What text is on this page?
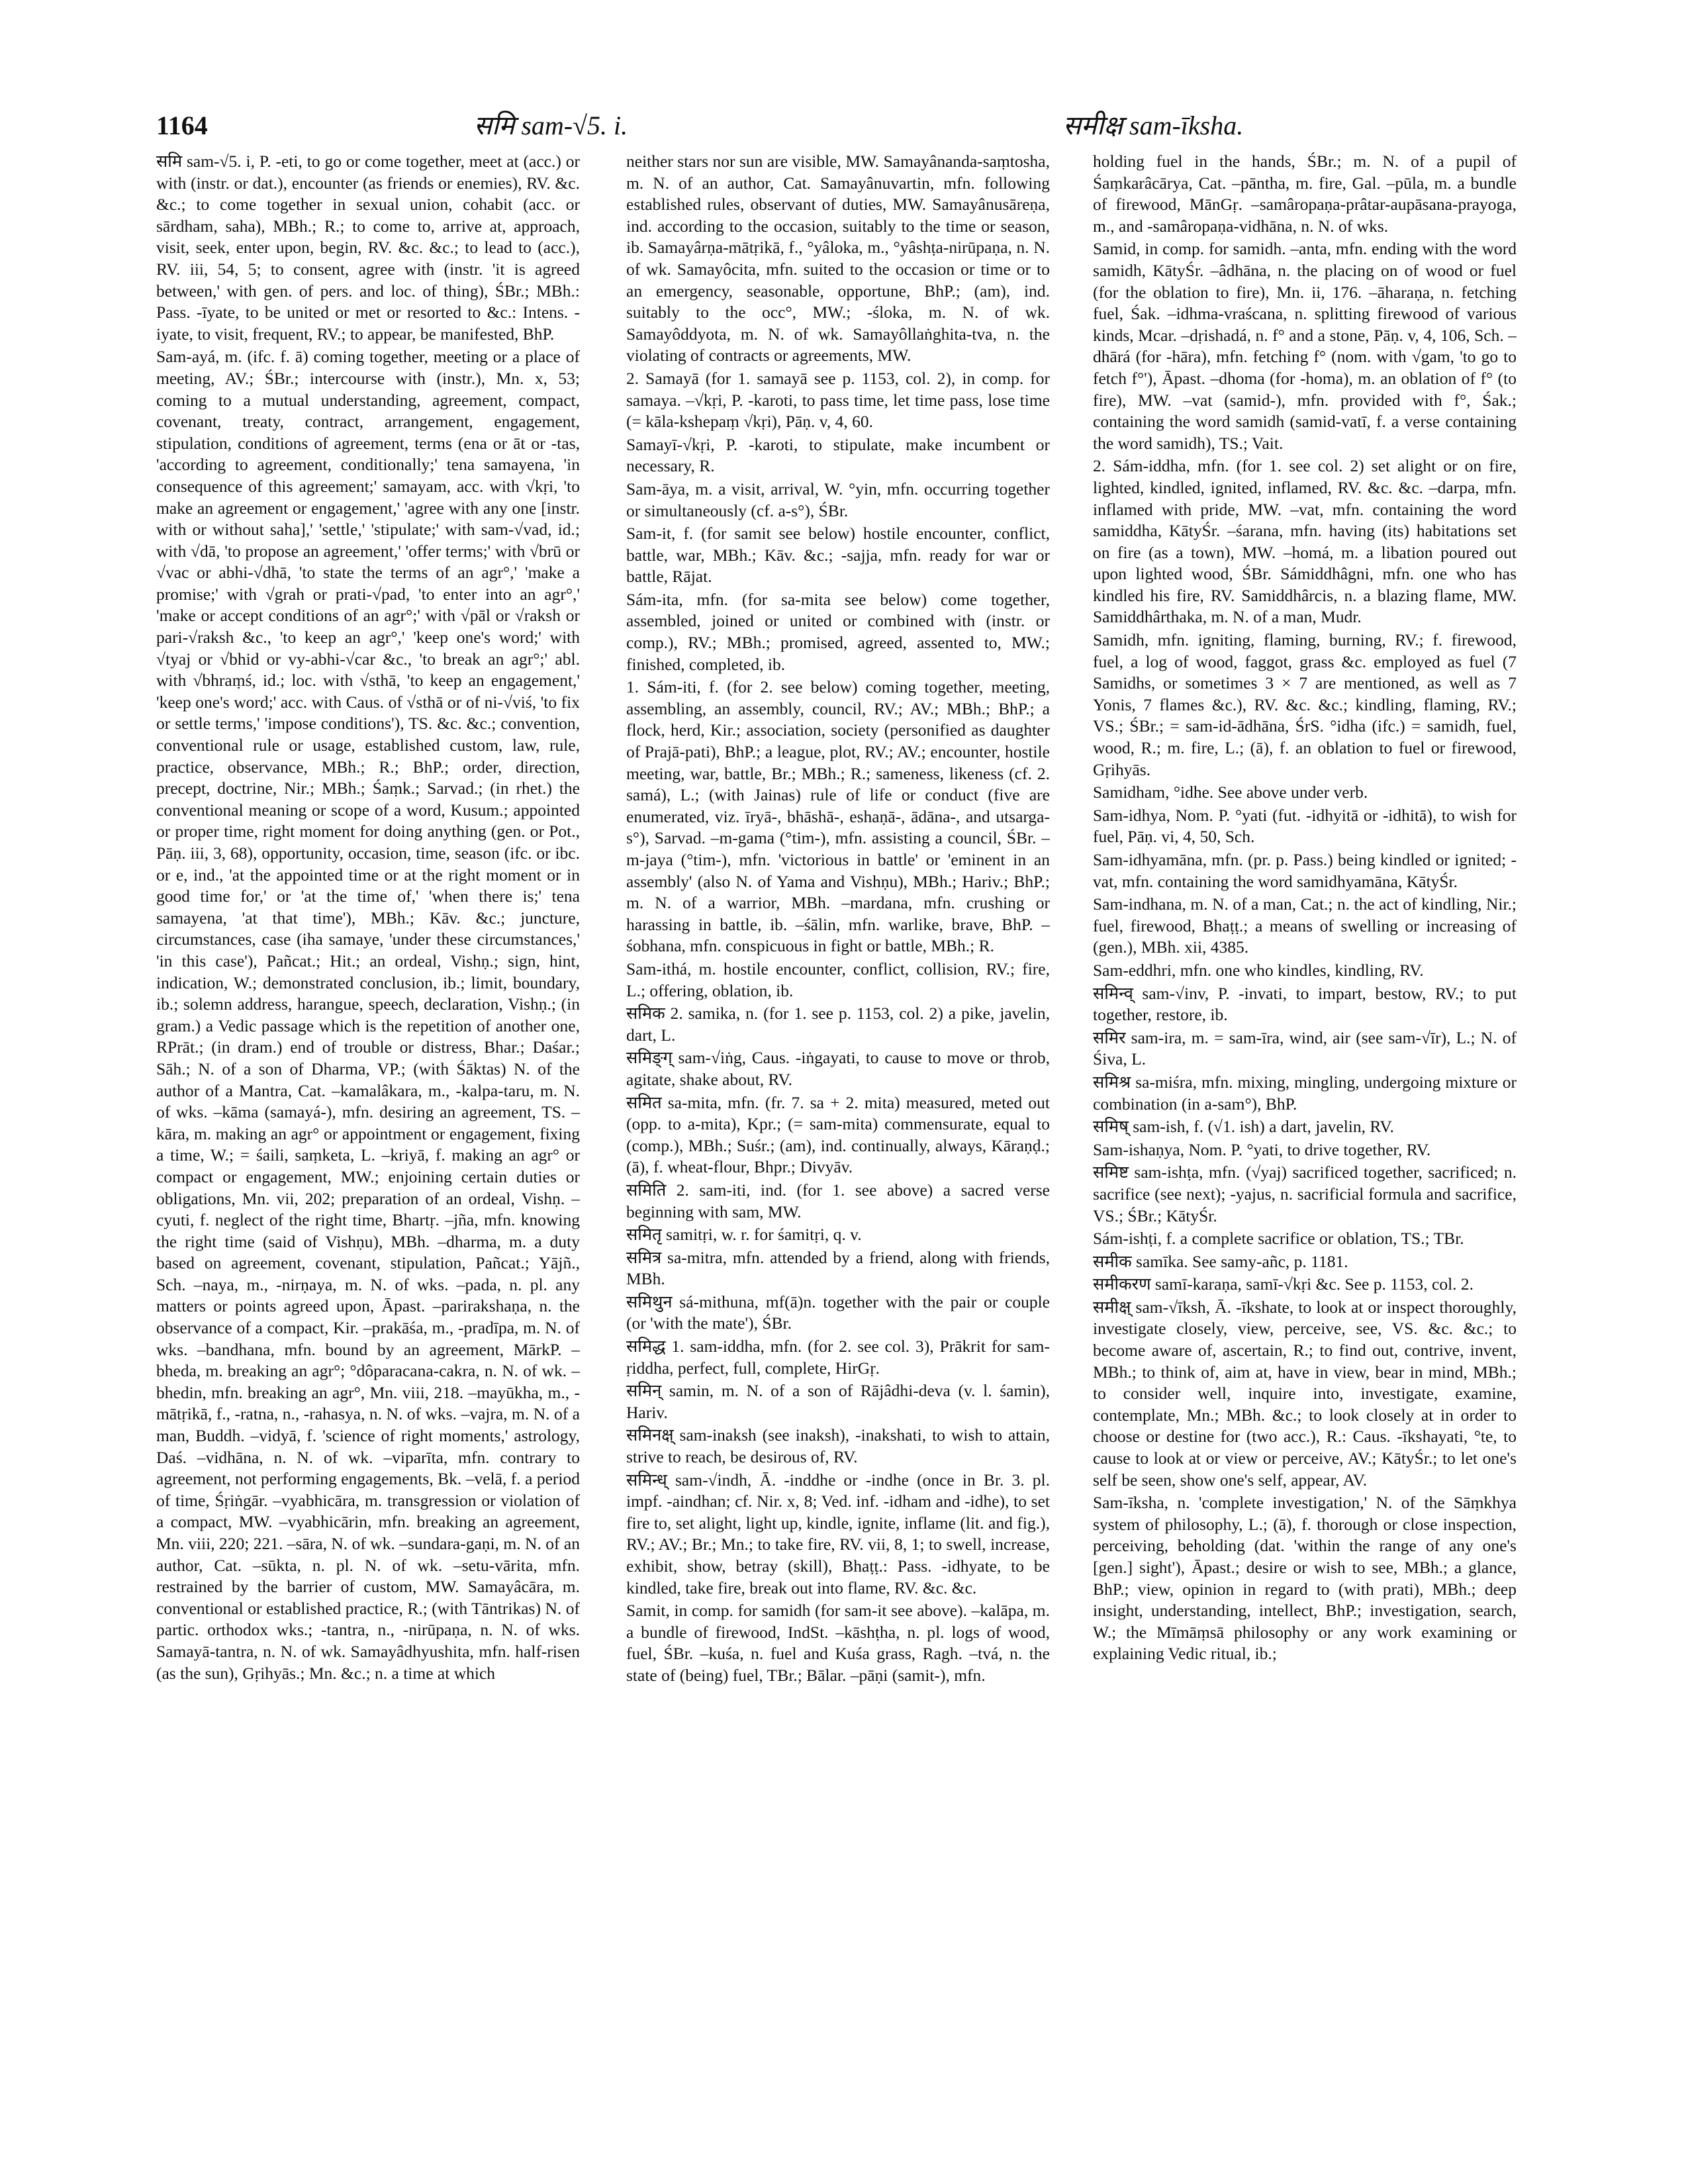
1164	समि sam-√5. i.	समीक्ष sam-īksha.

समि sam-√5. i, P. -eti, to go or come together, meet at (acc.) or with (instr. or dat.), encounter (as friends or enemies), RV. &c. &c.; to come together in sexual union, cohabit (acc. or sārdham, saha), MBh.; R.; to come to, arrive at, approach, visit, seek, enter upon, begin, RV. &c. &c.; to lead to (acc.), RV. iii, 54, 5; to consent, agree with (instr. 'it is agreed between,' with gen. of pers. and loc. of thing), ŚBr.; MBh.: Pass. -īyate, to be united or met or resorted to &c.: Intens. -iyate, to visit, frequent, RV.; to appear, be manifested, BhP.

Sam-ayá, m. (ifc. f. ā) coming together, meeting or a place of meeting, AV.; ŚBr.; intercourse with (instr.), Mn. x, 53; coming to a mutual understanding, agreement, compact, covenant, treaty, contract, arrangement, engagement, stipulation, conditions of agreement, terms (ena or āt or -tas, 'according to agreement, conditionally;' tena samayena, 'in consequence of this agreement;' samayam, acc. with √kṛi, 'to make an agreement or engagement,' 'agree with any one [instr. with or without saha],' 'settle,' 'stipulate;' with sam-√vad, id.; with √dā, 'to propose an agreement,' 'offer terms;' with √brū or √vac or abhi-√dhā, 'to state the terms of an agr°,' 'make a promise;' with √grah or prati-√pad, 'to enter into an agr°,' 'make or accept conditions of an agr°;' with √pāl or √raksh or pari-√raksh &c., 'to keep an agr°,' 'keep one's word;' with √tyaj or √bhid or vy-abhi-√car &c., 'to break an agr°;' abl. with √bhraṃś, id.; loc. with √sthā, 'to keep an engagement,' 'keep one's word;' acc. with Caus. of √sthā or of ni-√viś, 'to fix or settle terms,' 'impose conditions'), TS. &c. &c.; convention, conventional rule or usage, established custom, law, rule, practice, observance, MBh.; R.; BhP.; order, direction, precept, doctrine, Nir.; MBh.; Śaṃk.; Sarvad.; (in rhet.) the conventional meaning or scope of a word, Kusum.; appointed or proper time, right moment for doing anything (gen. or Pot., Pāṇ. iii, 3, 68), opportunity, occasion, time, season (ifc. or ibc. or e, ind., 'at the appointed time or at the right moment or in good time for,' or 'at the time of,' 'when there is;' tena samayena, 'at that time'), MBh.; Kāv. &c.; juncture, circumstances, case (iha samaye, 'under these circumstances,' 'in this case'), Pañcat.; Hit.; an ordeal, Vishṇ.; sign, hint, indication, W.; demonstrated conclusion, ib.; limit, boundary, ib.; solemn address, harangue, speech, declaration, Vishṇ.; (in gram.) a Vedic passage which is the repetition of another one, RPrāt.; (in dram.) end of trouble or distress, Bhar.; Daśar.; Sāh.; N. of a son of Dharma, VP.; (with Śāktas) N. of the author of a Mantra, Cat. –kamalâkara, m., -kalpa-taru, m. N. of wks. –kāma (samayá-), mfn. desiring an agreement, TS. –kāra, m. making an agr° or appointment or engagement, fixing a time, W.; = śaili, saṃketa, L. –kriyā, f. making an agr° or compact or engagement, MW.; enjoining certain duties or obligations, Mn. vii, 202; preparation of an ordeal, Vishṇ. –cyuti, f. neglect of the right time, Bhartṛ. –jña, mfn. knowing the right time (said of Vishṇu), MBh. –dharma, m. a duty based on agreement, covenant, stipulation, Pañcat.; Yājñ., Sch. –naya, m., -nirṇaya, m. N. of wks. –pada, n. pl. any matters or points agreed upon, Āpast. –parirakshaṇa, n. the observance of a compact, Kir. –prakāśa, m., -pradīpa, m. N. of wks. –bandhana, mfn. bound by an agreement, MārkP. –bheda, m. breaking an agr°; °dôparacana-cakra, n. N. of wk. –bhedin, mfn. breaking an agr°, Mn. viii, 218. –mayūkha, m., -mātṛikā, f., -ratna, n., -rahasya, n. N. of wks. –vajra, m. N. of a man, Buddh. –vidyā, f. 'science of right moments,' astrology, Daś. –vidhāna, n. N. of wk. –viparīta, mfn. contrary to agreement, not performing engagements, Bk. –velā, f. a period of time, Śṛiṅgār. –vyabhicāra, m. transgression or violation of a compact, MW. –vyabhicārin, mfn. breaking an agreement, Mn. viii, 220; 221. –sāra, N. of wk. –sundara-gaṇi, m. N. of an author, Cat. –sūkta, n. pl. N. of wk. –setu-vārita, mfn. restrained by the barrier of custom, MW. Samayâcāra, m. conventional or established practice, R.; (with Tāntrikas) N. of partic. orthodox wks.; -tantra, n., -nirūpaṇa, n. N. of wks. Samayā-tantra, n. N. of wk. Samayâdhyushita, mfn. half-risen (as the sun), Gṛihyās.; Mn. &c.; n. a time at which

neither stars nor sun are visible, MW. Samayânanda-saṃtosha, m. N. of an author, Cat. Samayânuvartin, mfn. following established rules, observant of duties, MW. Samayânusāreṇa, ind. according to the occasion, suitably to the time or season, ib. Samayârṇa-mātṛikā, f., °yâloka, m., °yâshṭa-nirūpaṇa, n. N. of wk. Samayôcita, mfn. suited to the occasion or time or to an emergency, seasonable, opportune, BhP.; (am), ind. suitably to the occ°, MW.; -śloka, m. N. of wk. Samayôddyota, m. N. of wk. Samayôllaṅghita-tva, n. the violating of contracts or agreements, MW.

2. Samayā (for 1. samayā see p. 1153, col. 2), in comp. for samaya. –√kṛi, P. -karoti, to pass time, let time pass, lose time (= kāla-kshepaṃ √kṛi), Pāṇ. v, 4, 60.

Samayī-√kṛi, P. -karoti, to stipulate, make incumbent or necessary, R.

Sam-āya, m. a visit, arrival, W. °yin, mfn. occurring together or simultaneously (cf. a-s°), ŚBr.

Sam-it, f. (for samit see below) hostile encounter, conflict, battle, war, MBh.; Kāv. &c.; -sajja, mfn. ready for war or battle, Rājat.

Sám-ita, mfn. (for sa-mita see below) come together, assembled, joined or united or combined with (instr. or comp.), RV.; MBh.; promised, agreed, assented to, MW.; finished, completed, ib.

1. Sám-iti, f. (for 2. see below) coming together, meeting, assembling, an assembly, council, RV.; AV.; MBh.; BhP.; a flock, herd, Kir.; association, society (personified as daughter of Prajā-pati), BhP.; a league, plot, RV.; AV.; encounter, hostile meeting, war, battle, Br.; MBh.; R.; sameness, likeness (cf. 2. samá), L.; (with Jainas) rule of life or conduct (five are enumerated, viz. īryā-, bhāshā-, eshaṇā-, ādāna-, and utsarga-s°), Sarvad. –m-gama (°tim-), mfn. assisting a council, ŚBr. –m-jaya (°tim-), mfn. 'victorious in battle' or 'eminent in an assembly' (also N. of Yama and Vishṇu), MBh.; Hariv.; BhP.; m. N. of a warrior, MBh. –mardana, mfn. crushing or harassing in battle, ib. –śālin, mfn. warlike, brave, BhP. –śobhana, mfn. conspicuous in fight or battle, MBh.; R.

Sam-ithá, m. hostile encounter, conflict, collision, RV.; fire, L.; offering, oblation, ib.

समिक 2. samika, n. (for 1. see p. 1153, col. 2) a pike, javelin, dart, L.

समिङ्ग् sam-√iṅg, Caus. -iṅgayati, to cause to move or throb, agitate, shake about, RV.

समित sa-mita, mfn. (fr. 7. sa + 2. mita) measured, meted out (opp. to a-mita), Kpr.; (= sam-mita) commensurate, equal to (comp.), MBh.; Suśr.; (am), ind. continually, always, Kāraṇḍ.; (ā), f. wheat-flour, Bhpr.; Divyāv.

समिति 2. sam-iti, ind. (for 1. see above) a sacred verse beginning with sam, MW.

समितृ samitṛi, w. r. for śamitṛi, q. v.

समित्र sa-mitra, mfn. attended by a friend, along with friends, MBh.

समिथुन sá-mithuna, mf(ā)n. together with the pair or couple (or 'with the mate'), ŚBr.

समिद्ध 1. sam-iddha, mfn. (for 2. see col. 3), Prākrit for sam-ṛiddha, perfect, full, complete, HirGṛ.

समिन् samin, m. N. of a son of Rājâdhi-deva (v. l. śamin), Hariv.

समिनक्ष् sam-inaksh (see inaksh), -inakshati, to wish to attain, strive to reach, be desirous of, RV.

समिन्ध् sam-√indh, Ā. -inddhe or -indhe (once in Br. 3. pl. impf. -aindhan; cf. Nir. x, 8; Ved. inf. -idham and -idhe), to set fire to, set alight, light up, kindle, ignite, inflame (lit. and fig.), RV.; AV.; Br.; Mn.; to take fire, RV. vii, 8, 1; to swell, increase, exhibit, show, betray (skill), Bhaṭṭ.: Pass. -idhyate, to be kindled, take fire, break out into flame, RV. &c. &c.

Samit, in comp. for samidh (for sam-it see above). –kalāpa, m. a bundle of firewood, IndSt. –kāshṭha, n. pl. logs of wood, fuel, ŚBr. –kuśa, n. fuel and Kuśa grass, Ragh. –tvá, n. the state of (being) fuel, TBr.; Bālar. –pāṇi (samit-), mfn.

holding fuel in the hands, ŚBr.; m. N. of a pupil of Śaṃkarâcārya, Cat. –pāntha, m. fire, Gal. –pūla, m. a bundle of firewood, MānGṛ. –samâropaṇa-prâtar-aupāsana-prayoga, m., and -samâropaṇa-vidhāna, n. N. of wks.

Samid, in comp. for samidh. –anta, mfn. ending with the word samidh, KātyŚr. –âdhāna, n. the placing on of wood or fuel (for the oblation to fire), Mn. ii, 176. –āharaṇa, n. fetching fuel, Śak. –idhma-vraścana, n. splitting firewood of various kinds, Mcar. –dṛishadá, n. f° and a stone, Pāṇ. v, 4, 106, Sch. –dhārá (for -hāra), mfn. fetching f° (nom. with √gam, 'to go to fetch f°'), Āpast. –dhoma (for -homa), m. an oblation of f° (to fire), MW. –vat (samid-), mfn. provided with f°, Śak.; containing the word samidh (samid-vatī, f. a verse containing the word samidh), TS.; Vait.

2. Sám-iddha, mfn. (for 1. see col. 2) set alight or on fire, lighted, kindled, ignited, inflamed, RV. &c. &c. –darpa, mfn. inflamed with pride, MW. –vat, mfn. containing the word samiddha, KātyŚr. –śarana, mfn. having (its) habitations set on fire (as a town), MW. –homá, m. a libation poured out upon lighted wood, ŚBr. Sámiddhâgni, mfn. one who has kindled his fire, RV. Samiddhârcis, n. a blazing flame, MW. Samiddhârthaka, m. N. of a man, Mudr.

Samidh, mfn. igniting, flaming, burning, RV.; f. firewood, fuel, a log of wood, faggot, grass &c. employed as fuel (7 Samidhs, or sometimes 3 × 7 are mentioned, as well as 7 Yonis, 7 flames &c.), RV. &c. &c.; kindling, flaming, RV.; VS.; ŚBr.; = sam-id-ādhāna, ŚrS. °idha (ifc.) = samidh, fuel, wood, R.; m. fire, L.; (ā), f. an oblation to fuel or firewood, Gṛihyās.

Samidham, °idhe. See above under verb.

Sam-idhya, Nom. P. °yati (fut. -idhyitā or -idhitā), to wish for fuel, Pāṇ. vi, 4, 50, Sch.

Sam-idhyamāna, mfn. (pr. p. Pass.) being kindled or ignited; -vat, mfn. containing the word samidhyamāna, KātyŚr.

Sam-indhana, m. N. of a man, Cat.; n. the act of kindling, Nir.; fuel, firewood, Bhaṭṭ.; a means of swelling or increasing of (gen.), MBh. xii, 4385.

Sam-eddhri, mfn. one who kindles, kindling, RV.

समिन्व् sam-√inv, P. -invati, to impart, bestow, RV.; to put together, restore, ib.

समिर sam-ira, m. = sam-īra, wind, air (see sam-√īr), L.; N. of Śiva, L.

समिश्र sa-miśra, mfn. mixing, mingling, undergoing mixture or combination (in a-sam°), BhP.

समिष् sam-ish, f. (√1. ish) a dart, javelin, RV.

Sam-ishaṇya, Nom. P. °yati, to drive together, RV.

समिष्ट sam-ishṭa, mfn. (√yaj) sacrificed together, sacrificed; n. sacrifice (see next); -yajus, n. sacrificial formula and sacrifice, VS.; ŚBr.; KātyŚr.

Sám-ishṭi, f. a complete sacrifice or oblation, TS.; TBr.

समीक samīka. See samy-añc, p. 1181.

समीकरण samī-karaṇa, samī-√kṛi &c. See p. 1153, col. 2.

समीक्ष् sam-√īksh, Ā. -īkshate, to look at or inspect thoroughly, investigate closely, view, perceive, see, VS. &c. &c.; to become aware of, ascertain, R.; to find out, contrive, invent, MBh.; to think of, aim at, have in view, bear in mind, MBh.; to consider well, inquire into, investigate, examine, contemplate, Mn.; MBh. &c.; to look closely at in order to choose or destine for (two acc.), R.: Caus. -īkshayati, °te, to cause to look at or view or perceive, AV.; KātyŚr.; to let one's self be seen, show one's self, appear, AV.

Sam-īksha, n. 'complete investigation,' N. of the Sāṃkhya system of philosophy, L.; (ā), f. thorough or close inspection, perceiving, beholding (dat. 'within the range of any one's [gen.] sight'), Āpast.; desire or wish to see, MBh.; a glance, BhP.; view, opinion in regard to (with prati), MBh.; deep insight, understanding, intellect, BhP.; investigation, search, W.; the Mīmāṃsā philosophy or any work examining or explaining Vedic ritual, ib.;
